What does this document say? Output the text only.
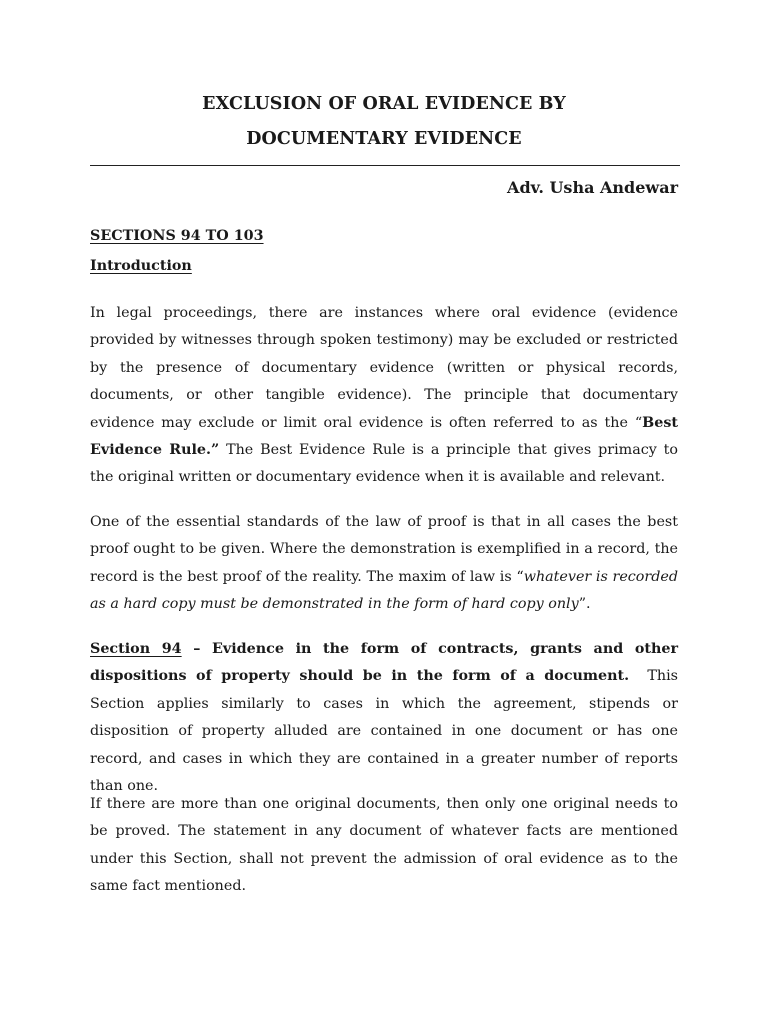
EXCLUSION OF ORAL EVIDENCE BY
DOCUMENTARY EVIDENCE
Adv. Usha Andewar
SECTIONS 94 TO 103
Introduction

In legal proceedings, there are instances where oral evidence (evidence provided by witnesses through spoken testimony) may be excluded or restricted by the presence of documentary evidence (written or physical records, documents, or other tangible evidence). The principle that documentary evidence may exclude or limit oral evidence is often referred to as the “Best Evidence Rule.” The Best Evidence Rule is a principle that gives primacy to the original written or documentary evidence when it is available and relevant.

One of the essential standards of the law of proof is that in all cases the best proof ought to be given. Where the demonstration is exemplified in a record, the record is the best proof of the reality. The maxim of law is “whatever is recorded as a hard copy must be demonstrated in the form of hard copy only”.

Section 94 – Evidence in the form of contracts, grants and other dispositions of property should be in the form of a document.  This Section applies similarly to cases in which the agreement, stipends or disposition of property alluded are contained in one document or has one record, and cases in which they are contained in a greater number of reports than one.

If there are more than one original documents, then only one original needs to be proved. The statement in any document of whatever facts are mentioned under this Section, shall not prevent the admission of oral evidence as to the same fact mentioned.
